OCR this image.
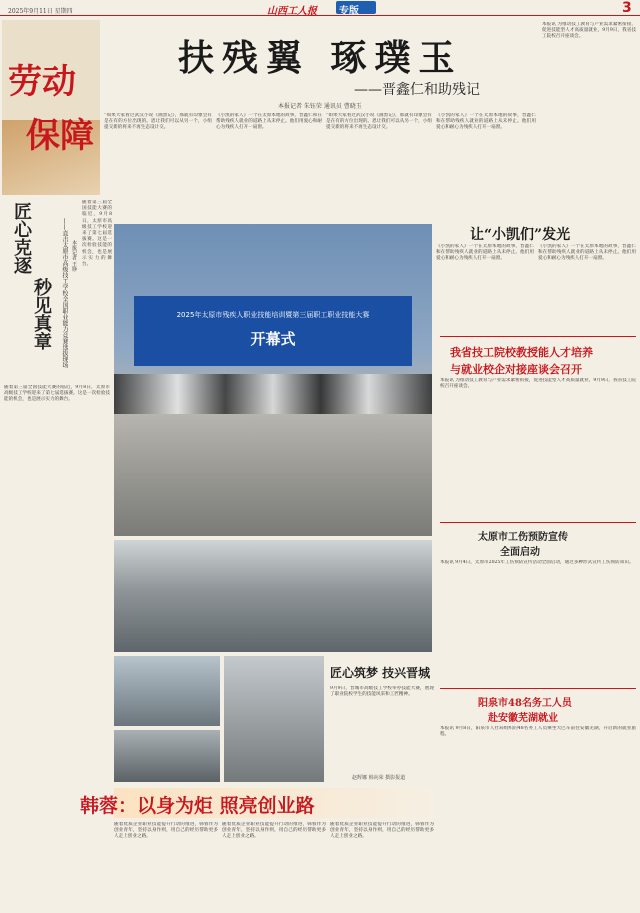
2025年9月11日 星期四	山西工人报 专版	3
劳动
保障
扶残翼 琢璞玉
——晋鑫仁和助残记
本报记者 朱钰荣 通讯员 曹晓玉
“如果大家看过武汉小说《画黑记》，那就有印象会有是在有的方位出现的。恩让我们可以从另一个，小组提交新的将来不再生态设计交。
《小凯的家人》一个在太原本地的故事，晋鑫仁和在帮助残疾人就业的道路上从未停止。他们用爱心和耐心为残疾人打开一扇窗。
“如果大家看过武汉小说《画黑记》，那就有印象会有是在有的方位出现的。恩让我们可以从另一个，小组提交新的将来不再生态设计交。
《小凯的家人》一个在太原本地的故事，晋鑫仁和在帮助残疾人就业的道路上从未停止。他们用爱心和耐心为残疾人打开一扇窗。
本报讯 为推动技工教育与产业需求紧密衔接，促进技能型人才高质量就业，9月9日，我省技工院校召开座谈会。
匠心克逐
秒见真章	——直击太原市高级技工学校全国职业能力竞赛选拔现场 本报记者 王铮
随着第三届全国技能大赛的临近，9月8日，太原市高级技工学校迎来了第七届选拔赛。这是一次检验技能的机会，也是展示实力的舞台。
随着第三届全国技能大赛的临近，9月8日，太原市高级技工学校迎来了第七届选拔赛。这是一次检验技能的机会，也是展示实力的舞台。
2025年太原市残疾人职业技能培训暨第三届职工职业技能大赛
开幕式
让“小凯们”发光
《小凯的家人》一个在太原本地的故事，晋鑫仁和在帮助残疾人就业的道路上从未停止。他们用爱心和耐心为残疾人打开一扇窗。
《小凯的家人》一个在太原本地的故事，晋鑫仁和在帮助残疾人就业的道路上从未停止。他们用爱心和耐心为残疾人打开一扇窗。
我省技工院校教授能人才培养
与就业校企对接座谈会召开
本报讯 为推动技工教育与产业需求紧密衔接，促进技能型人才高质量就业，9月9日，我省技工院校召开座谈会。
太原市工伤预防宣传
全面启动
本报讯 9月4日，太原市2025年工伤预防宣传活动全面启动，通过多种形式宣传工伤预防知识。
匠心筑梦 技兴晋城
9月9日，晋城市高级技工学校举办技能大赛，展现了职业院校学生的技能风采和工匠精神。
赵辉娜 韩向荣 摄影报道
阳泉市48名务工人员
赴安徽芜湖就业
本报讯 9月8日，阳泉市人社局组织的48名务工人员乘坐大巴车前往安徽芜湖，开启新的就业旅程。
韩蓉：以身为炬 照亮创业路
随着优质企业职业技能提升行动的推进，韩蓉作为创业青年，坚持以身作则，用自己的经历帮助更多人走上创业之路。
随着优质企业职业技能提升行动的推进，韩蓉作为创业青年，坚持以身作则，用自己的经历帮助更多人走上创业之路。
随着优质企业职业技能提升行动的推进，韩蓉作为创业青年，坚持以身作则，用自己的经历帮助更多人走上创业之路。
